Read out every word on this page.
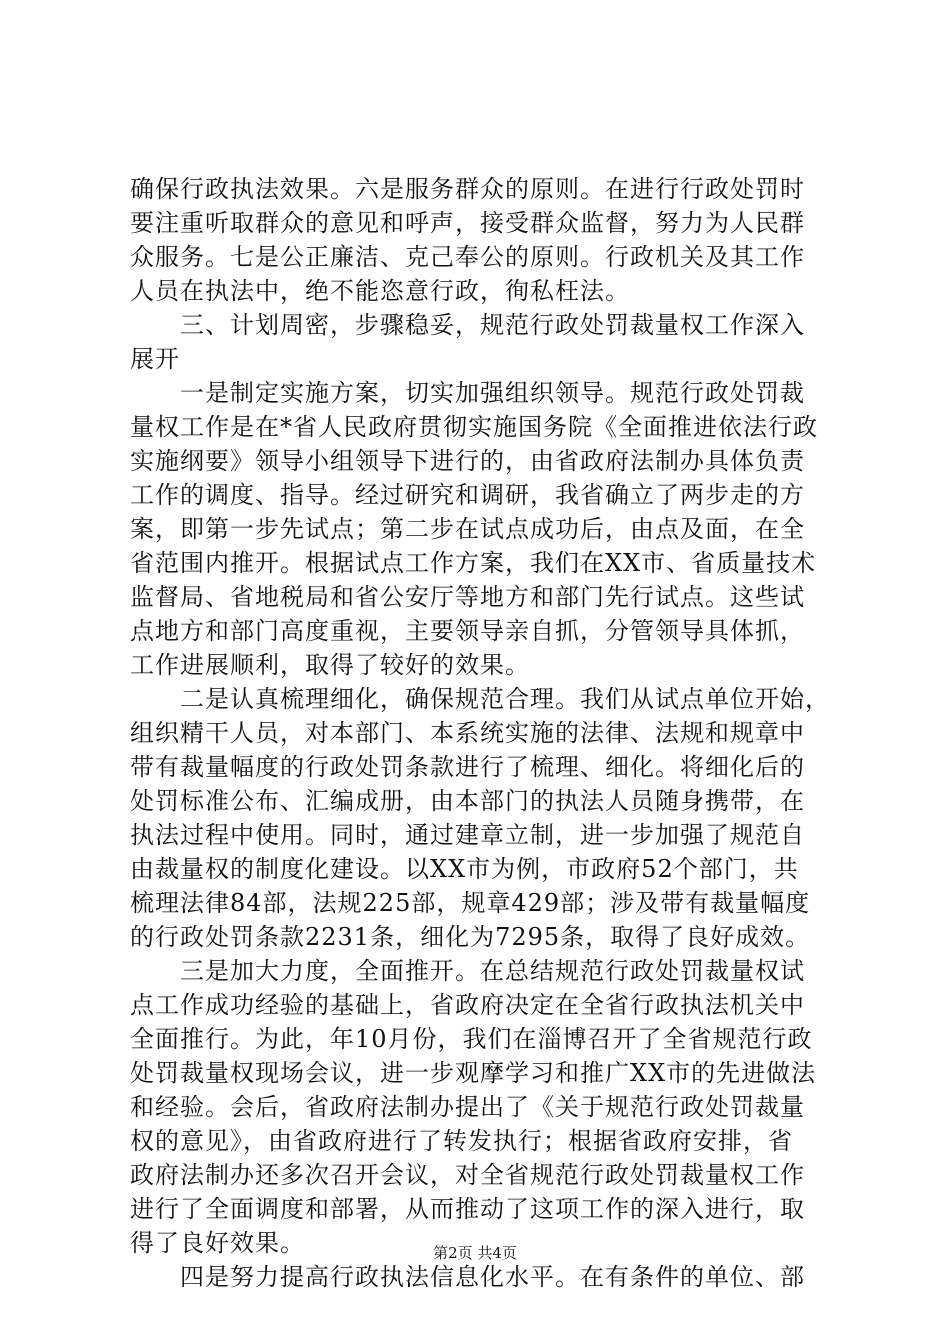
确保行政执法效果。六是服务群众的原则。在进行行政处罚时
要注重听取群众的意见和呼声，接受群众监督，努力为人民群
众服务。七是公正廉洁、克己奉公的原则。行政机关及其工作
人员在执法中，绝不能恣意行政，徇私枉法。
　　三、计划周密，步骤稳妥，规范行政处罚裁量权工作深入
展开
　　一是制定实施方案，切实加强组织领导。规范行政处罚裁
量权工作是在*省人民政府贯彻实施国务院《全面推进依法行政
实施纲要》领导小组领导下进行的，由省政府法制办具体负责
工作的调度、指导。经过研究和调研，我省确立了两步走的方
案，即第一步先试点；第二步在试点成功后，由点及面，在全
省范围内推开。根据试点工作方案，我们在XX市、省质量技术
监督局、省地税局和省公安厅等地方和部门先行试点。这些试
点地方和部门高度重视，主要领导亲自抓，分管领导具体抓，
工作进展顺利，取得了较好的效果。
　　二是认真梳理细化，确保规范合理。我们从试点单位开始，
组织精干人员，对本部门、本系统实施的法律、法规和规章中
带有裁量幅度的行政处罚条款进行了梳理、细化。将细化后的
处罚标准公布、汇编成册，由本部门的执法人员随身携带，在
执法过程中使用。同时，通过建章立制，进一步加强了规范自
由裁量权的制度化建设。以XX市为例，市政府52个部门，共
梳理法律84部，法规225部，规章429部；涉及带有裁量幅度
的行政处罚条款2231条，细化为7295条，取得了良好成效。
　　三是加大力度，全面推开。在总结规范行政处罚裁量权试
点工作成功经验的基础上，省政府决定在全省行政执法机关中
全面推行。为此，年10月份，我们在淄博召开了全省规范行政
处罚裁量权现场会议，进一步观摩学习和推广XX市的先进做法
和经验。会后，省政府法制办提出了《关于规范行政处罚裁量
权的意见》，由省政府进行了转发执行；根据省政府安排，省
政府法制办还多次召开会议，对全省规范行政处罚裁量权工作
进行了全面调度和部署，从而推动了这项工作的深入进行，取
得了良好效果。
　　四是努力提高行政执法信息化水平。在有条件的单位、部
第2页 共4页
